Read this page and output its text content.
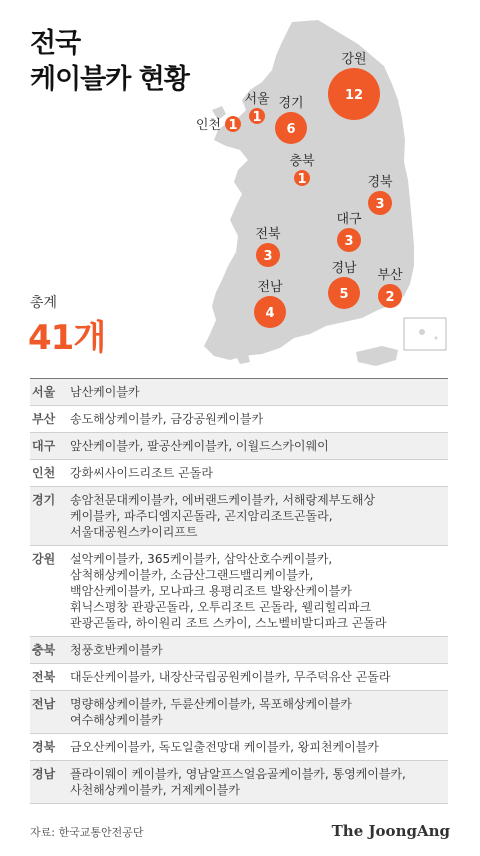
전국
케이블카 현황
1
인천
1
서울
6
경기
12
강원
1
충북
3
경북
3
대구
3
전북
5
경남
2
부산
4
전남
총계
41개
서울	남산케이블카
부산	송도해상케이블카, 금강공원케이블카
대구	앞산케이블카, 팔공산케이블카, 이월드스카이웨이
인천	강화씨사이드리조트 곤돌라
경기	송암천문대케이블카, 에버랜드케이블카, 서해랑제부도해상
케이블카, 파주디엠지곤돌라, 곤지암리조트곤돌라,
서울대공원스카이리프트
강원	설악케이블카, 365케이블카, 삼악산호수케이블카,
삼척해상케이블카, 소금산그랜드밸리케이블카,
백암산케이블카, 모나파크 용평리조트 발왕산케이블카
휘닉스평창 관광곤돌라, 오투리조트 곤돌라, 웰리힐리파크
관광곤돌라, 하이원리 조트 스카이, 스노벨비발디파크 곤돌라
충북	청풍호반케이블카
전북	대둔산케이블카, 내장산국립공원케이블카, 무주덕유산 곤돌라
전남	명량해상케이블카, 두륜산케이블카, 목포해상케이블카
여수해상케이블카
경북	금오산케이블카, 독도일출전망대 케이블카, 왕피천케이블카
경남	플라이웨이 케이블카, 영남알프스얼음골케이블카, 통영케이블카,
사천해상케이블카, 거제케이블카
자료: 한국교통안전공단	The JoongAng
